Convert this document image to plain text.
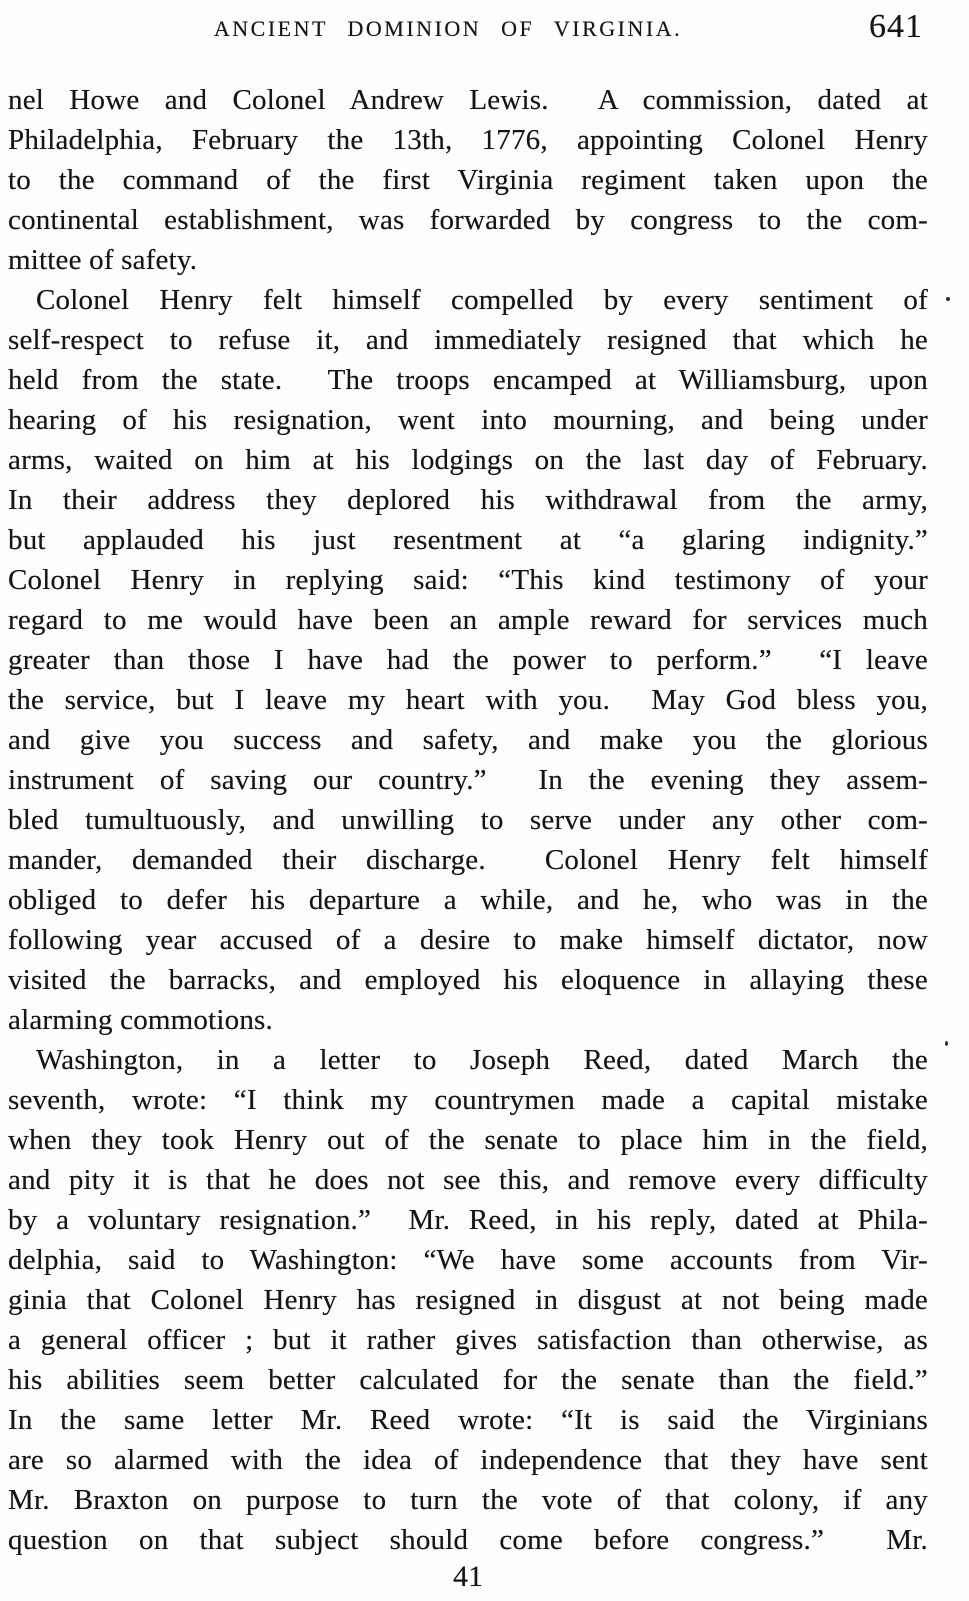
ANCIENT DOMINION OF VIRGINIA.	641
nel Howe and Colonel Andrew Lewis.  A commission, dated at
Philadelphia, February the 13th, 1776, appointing Colonel Henry
to the command of the first Virginia regiment taken upon the
continental establishment, was forwarded by congress to the com-
mittee of safety.
Colonel Henry felt himself compelled by every sentiment of
self-respect to refuse it, and immediately resigned that which he
held from the state.  The troops encamped at Williamsburg, upon
hearing of his resignation, went into mourning, and being under
arms, waited on him at his lodgings on the last day of February.
In their address they deplored his withdrawal from the army,
but applauded his just resentment at “a glaring indignity.”
Colonel Henry in replying said: “This kind testimony of your
regard to me would have been an ample reward for services much
greater than those I have had the power to perform.”  “I leave
the service, but I leave my heart with you.  May God bless you,
and give you success and safety, and make you the glorious
instrument of saving our country.”  In the evening they assem-
bled tumultuously, and unwilling to serve under any other com-
mander, demanded their discharge.  Colonel Henry felt himself
obliged to defer his departure a while, and he, who was in the
following year accused of a desire to make himself dictator, now
visited the barracks, and employed his eloquence in allaying these
alarming commotions.
Washington, in a letter to Joseph Reed, dated March the
seventh, wrote: “I think my countrymen made a capital mistake
when they took Henry out of the senate to place him in the field,
and pity it is that he does not see this, and remove every difficulty
by a voluntary resignation.”  Mr. Reed, in his reply, dated at Phila-
delphia, said to Washington: “We have some accounts from Vir-
ginia that Colonel Henry has resigned in disgust at not being made
a general officer ; but it rather gives satisfaction than otherwise, as
his abilities seem better calculated for the senate than the field.”
In the same letter Mr. Reed wrote: “It is said the Virginians
are so alarmed with the idea of independence that they have sent
Mr. Braxton on purpose to turn the vote of that colony, if any
question on that subject should come before congress.”  Mr.
41
